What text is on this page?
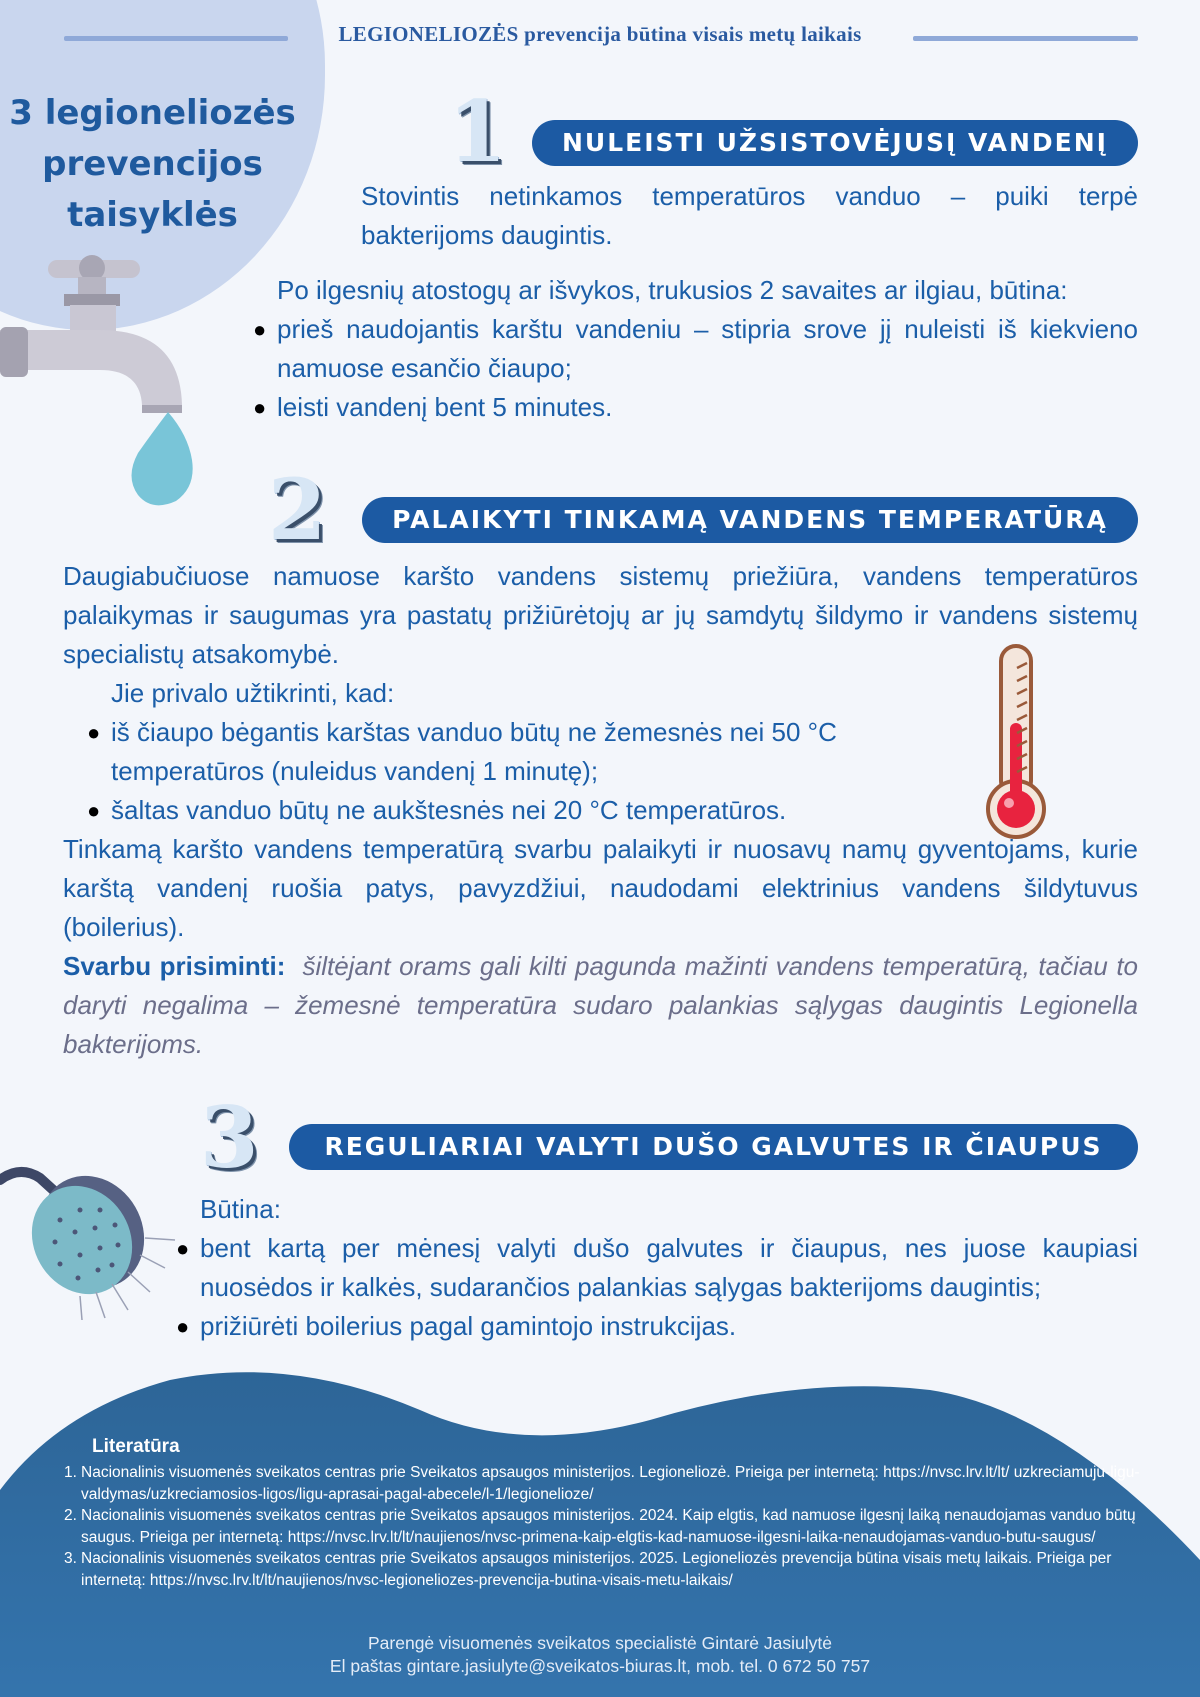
LEGIONELIOZĖS prevencija būtina visais metų laikais
3 legioneliozės
prevencijos
taisyklės
1	NULEISTI UŽSISTOVĖJUSĮ VANDENĮ
Stovintis netinkamos temperatūros vanduo – puiki terpė bakterijoms daugintis.
Po ilgesnių atostogų ar išvykos, trukusios 2 savaites ar ilgiau, būtina:
● prieš naudojantis karštu vandeniu – stipria srove jį nuleisti iš kiekvieno namuose esančio čiaupo;
● leisti vandenį bent 5 minutes.
2	PALAIKYTI TINKAMĄ VANDENS TEMPERATŪRĄ
Daugiabučiuose namuose karšto vandens sistemų priežiūra, vandens temperatūros palaikymas ir saugumas yra pastatų prižiūrėtojų ar jų samdytų šildymo ir vandens sistemų specialistų atsakomybė.
Jie privalo užtikrinti, kad:
● iš čiaupo bėgantis karštas vanduo būtų ne žemesnės nei 50 °C temperatūros (nuleidus vandenį 1 minutę);
● šaltas vanduo būtų ne aukštesnės nei 20 °C temperatūros.
Tinkamą karšto vandens temperatūrą svarbu palaikyti ir nuosavų namų gyventojams, kurie karštą vandenį ruošia patys, pavyzdžiui, naudodami elektrinius vandens šildytuvus (boilerius).
Svarbu prisiminti: šiltėjant orams gali kilti pagunda mažinti vandens temperatūrą, tačiau to daryti negalima – žemesnė temperatūra sudaro palankias sąlygas daugintis Legionella bakterijoms.
3	REGULIARIAI VALYTI DUŠO GALVUTES IR ČIAUPUS
Būtina:
● bent kartą per mėnesį valyti dušo galvutes ir čiaupus, nes juose kaupiasi nuosėdos ir kalkės, sudarančios palankias sąlygas bakterijoms daugintis;
● prižiūrėti boilerius pagal gamintojo instrukcijas.
Literatūra
1. Nacionalinis visuomenės sveikatos centras prie Sveikatos apsaugos ministerijos. Legioneliozė. Prieiga per internetą: https://nvsc.lrv.lt/lt/ uzkreciamuju-ligu-valdymas/uzkreciamosios-ligos/ligu-aprasai-pagal-abecele/l-1/legionelioze/
2. Nacionalinis visuomenės sveikatos centras prie Sveikatos apsaugos ministerijos. 2024. Kaip elgtis, kad namuose ilgesnį laiką nenaudojamas vanduo būtų saugus. Prieiga per internetą: https://nvsc.lrv.lt/lt/naujienos/nvsc-primena-kaip-elgtis-kad-namuose-ilgesni-laika-nenaudojamas-vanduo-butu-saugus/
3. Nacionalinis visuomenės sveikatos centras prie Sveikatos apsaugos ministerijos. 2025. Legioneliozės prevencija būtina visais metų laikais. Prieiga per internetą: https://nvsc.lrv.lt/lt/naujienos/nvsc-legioneliozes-prevencija-butina-visais-metu-laikais/
Parengė visuomenės sveikatos specialistė Gintarė Jasiulytė
El paštas gintare.jasiulyte@sveikatos-biuras.lt, mob. tel. 0 672 50 757
